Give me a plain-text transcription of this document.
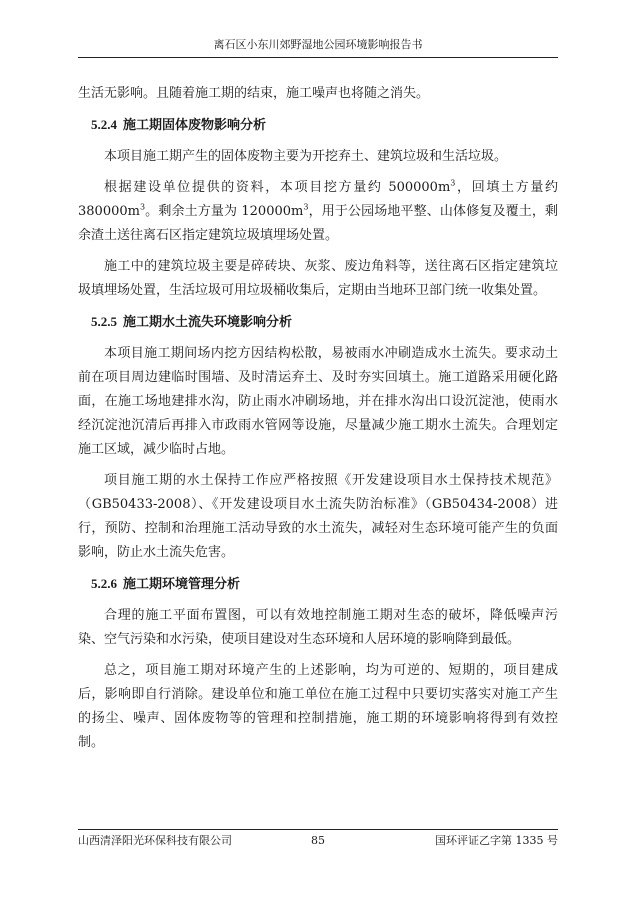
离石区小东川郊野湿地公园环境影响报告书

生活无影响。且随着施工期的结束，施工噪声也将随之消失。

5.2.4 施工期固体废物影响分析

本项目施工期产生的固体废物主要为开挖弃土、建筑垃圾和生活垃圾。

根据建设单位提供的资料，本项目挖方量约 $500000m^3$，回填土方量约 $380000m^3$。剩余土方量为 $120000m^3$，用于公园场地平整、山体修复及覆土，剩余渣土送往离石区指定建筑垃圾填埋场处置。

施工中的建筑垃圾主要是碎砖块、灰浆、废边角料等，送往离石区指定建筑垃圾填埋场处置，生活垃圾可用垃圾桶收集后，定期由当地环卫部门统一收集处置。

5.2.5 施工期水土流失环境影响分析

本项目施工期间场内挖方因结构松散，易被雨水冲刷造成水土流失。要求动土前在项目周边建临时围墙、及时清运弃土、及时夯实回填土。施工道路采用硬化路面，在施工场地建排水沟，防止雨水冲刷场地，并在排水沟出口设沉淀池，使雨水经沉淀池沉清后再排入市政雨水管网等设施，尽量减少施工期水土流失。合理划定施工区域，减少临时占地。

项目施工期的水土保持工作应严格按照《开发建设项目水土保持技术规范》（GB50433-2008）、《开发建设项目水土流失防治标准》（GB50434-2008）进行，预防、控制和治理施工活动导致的水土流失，减轻对生态环境可能产生的负面影响，防止水土流失危害。

5.2.6 施工期环境管理分析

合理的施工平面布置图，可以有效地控制施工期对生态的破坏，降低噪声污染、空气污染和水污染，使项目建设对生态环境和人居环境的影响降到最低。

总之，项目施工期对环境产生的上述影响，均为可逆的、短期的，项目建成后，影响即自行消除。建设单位和施工单位在施工过程中只要切实落实对施工产生的扬尘、噪声、固体废物等的管理和控制措施，施工期的环境影响将得到有效控制。

山西清泽阳光环保科技有限公司	85	国环评证乙字第 1335 号
